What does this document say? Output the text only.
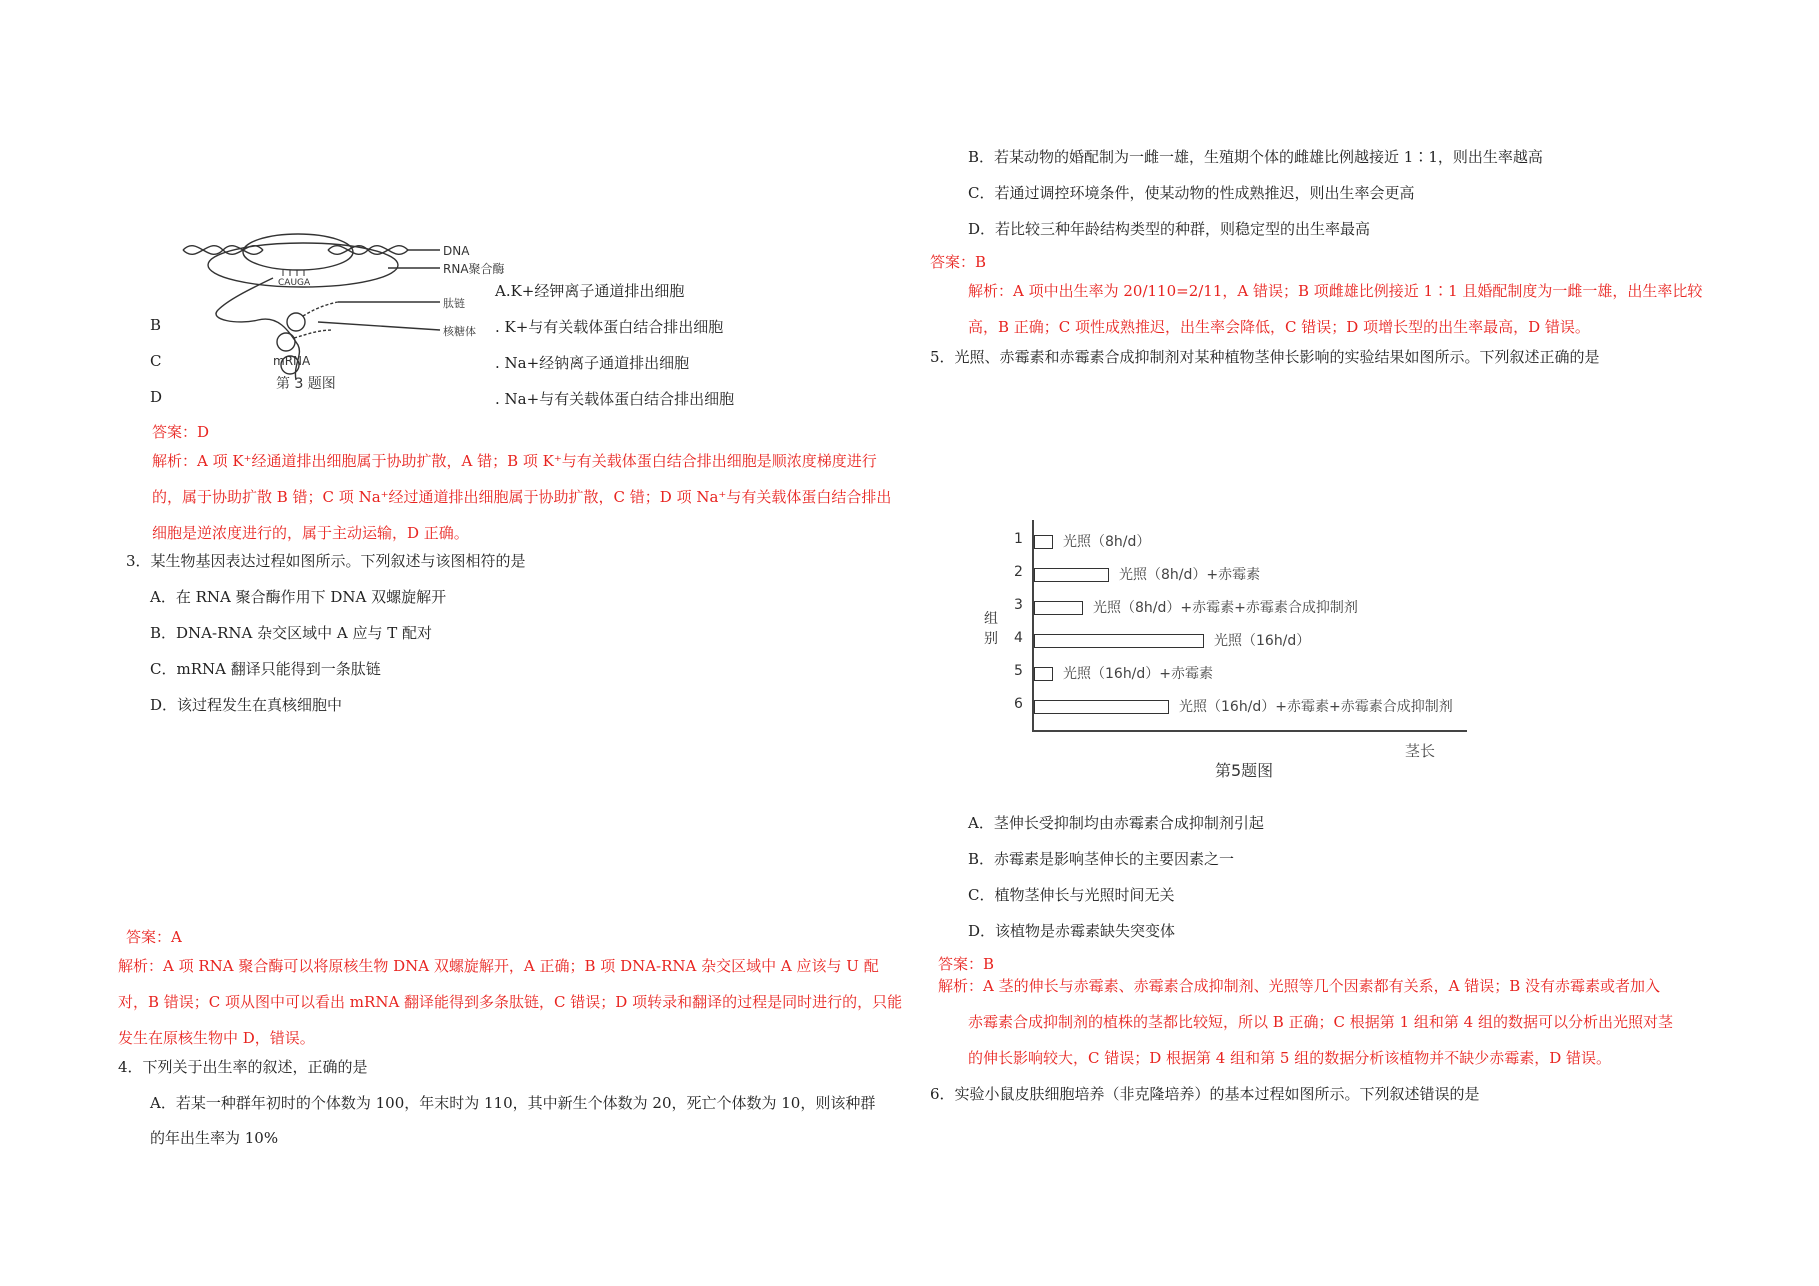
DNA
RNA聚合酶
肽链
核糖体
CAUGA
mRNA
第 3 题图
A.K+经钾离子通道排出细胞
B	. K+与有关载体蛋白结合排出细胞
C	. Na+经钠离子通道排出细胞
D	. Na+与有关载体蛋白结合排出细胞
答案：D
解析：A 项 K⁺经通道排出细胞属于协助扩散，A 错；B 项 K⁺与有关载体蛋白结合排出细胞是顺浓度梯度进行的，属于协助扩散 B 错；C 项 Na⁺经过通道排出细胞属于协助扩散，C 错；D 项 Na⁺与有关载体蛋白结合排出细胞是逆浓度进行的，属于主动运输，D 正确。
3．某生物基因表达过程如图所示。下列叙述与该图相符的是
A．在 RNA 聚合酶作用下 DNA 双螺旋解开
B．DNA-RNA 杂交区域中 A 应与 T 配对
C．mRNA 翻译只能得到一条肽链
D．该过程发生在真核细胞中
答案：A
解析：A 项 RNA 聚合酶可以将原核生物 DNA 双螺旋解开，A 正确；B 项 DNA-RNA 杂交区域中 A 应该与 U 配对，B 错误；C 项从图中可以看出 mRNA 翻译能得到多条肽链，C 错误；D 项转录和翻译的过程是同时进行的，只能发生在原核生物中 D，错误。
4．下列关于出生率的叙述，正确的是
A．若某一种群年初时的个体数为 100，年末时为 110，其中新生个体数为 20，死亡个体数为 10，则该种群
的年出生率为 10%
B．若某动物的婚配制为一雌一雄，生殖期个体的雌雄比例越接近 1∶1，则出生率越高
C．若通过调控环境条件，使某动物的性成熟推迟，则出生率会更高
D．若比较三种年龄结构类型的种群，则稳定型的出生率最高
答案：B
解析：A 项中出生率为 20/110=2/11，A 错误；B 项雌雄比例接近 1∶1 且婚配制度为一雌一雄，出生率比较高，B 正确；C 项性成熟推迟，出生率会降低，C 错误；D 项增长型的出生率最高，D 错误。
5．光照、赤霉素和赤霉素合成抑制剂对某种植物茎伸长影响的实验结果如图所示。下列叙述正确的是
组
别
1	光照（8h/d）
2	光照（8h/d）+赤霉素
3	光照（8h/d）+赤霉素+赤霉素合成抑制剂
4	光照（16h/d）
5	光照（16h/d）+赤霉素
6	光照（16h/d）+赤霉素+赤霉素合成抑制剂
茎长
第5题图
A．茎伸长受抑制均由赤霉素合成抑制剂引起
B．赤霉素是影响茎伸长的主要因素之一
C．植物茎伸长与光照时间无关
D．该植物是赤霉素缺失突变体
答案：B
解析：A 茎的伸长与赤霉素、赤霉素合成抑制剂、光照等几个因素都有关系，A 错误；B 没有赤霉素或者加入
赤霉素合成抑制剂的植株的茎都比较短，所以 B 正确；C 根据第 1 组和第 4 组的数据可以分析出光照对茎
的伸长影响较大，C 错误；D 根据第 4 组和第 5 组的数据分析该植物并不缺少赤霉素，D 错误。
6．实验小鼠皮肤细胞培养（非克隆培养）的基本过程如图所示。下列叙述错误的是
